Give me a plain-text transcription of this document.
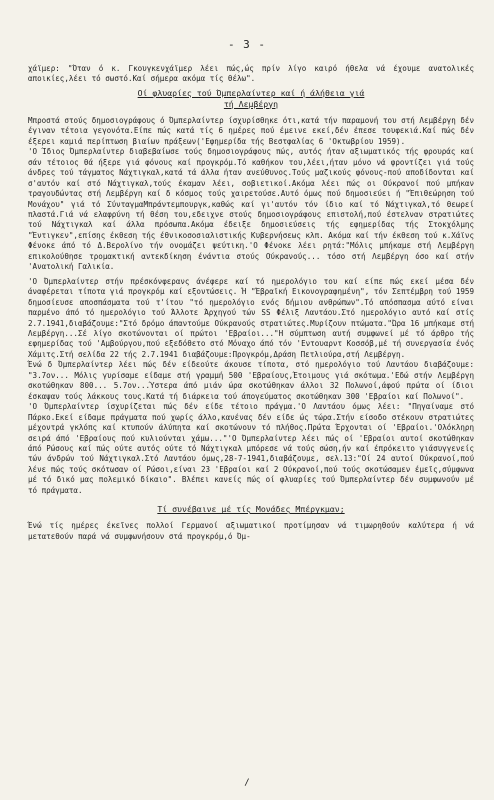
- 3 -

χάϊμερ: "Όταν ό κ. Γκουγκενχάϊμερ λέει πώς,ώς πρίν λίγο καιρό ήθελα νά έχουμε ανατολικές αποικίες,λέει τό σωστό.Καί σήμερα ακόμα τίς θέλω".

Οί φλυαρίες τού Όμπερλαίντερ καί ή άλήθεια γιά
τή Λεμβέργη

Μπροστά στούς δημοσιογράφους ό Όμπερλαίντερ ίσχυρίσθηκε ότι,κατά τήν παραμονή του στή Λεμβέργη δέν έγιναν τέτοια γεγονότα.Είπε πώς κατά τίς 6 ημέρες πού έμεινε εκεί,δέν έπεσε τουφεκιά.Καί πώς δέν έξερει καμιά περίπτωση βιαίων πράξεων('Εφημερίδα τής Βεστφαλίας 6 'Οκτωβρίου 1959).

'Ο Ίδιος Όμπερλαίντερ διαβεβαίωσε τούς δημοσιογράφους πώς, αυτός ήταν αξιωματικός τής φρουράς καί σάν τέτοιος θά ήξερε γιά φόνους καί προγκρόμ.Τό καθήκον του,λέει,ήταν μόνο νά φροντίζει γιά τούς άνδρες τού τάγματος Νάχτιγκαλ,κατά τά άλλα ήταν ανεύθυνος.Τούς μαζικούς φόνους-πού αποδίδονται καί σ'αυτόν καί στό Νάχτιγκαλ,τούς έκαμαν λέει, σοβιετικοί.Ακόμα λέει πώς οι Ούκρανοί πού μπήκαν τραγουδώντας στή Λεμβέργη καί δ κόσμος τούς χαιρετούσε.Αυτό όμως πού δημοσιεύει ή "Έπιθεώρηση τού Μονάχου" γιά τό ΣύνταγμαΜπράντεμπουργκ,καθώς καί γι'αυτόν τόν ίδιο καί τό Νάχτιγκαλ,τό θεωρεί πλαστά.Γιά νά ελαφρύνη τή θέση του,εδειχνε στούς δημοσιογράφους επιστολή,πού έστελναν στρατιώτες τού Νάχτιγκαλ καί άλλα πρόσωπα.Ακόμα έδειξε δημοσιεύσεις τής εφημερίδας τής Στοκχόλμης "Έντιγκεν",επίσης έκθεση τής έθνικοσοσιαλιστικής Κυβερνήσεως κλπ. Ακόμα καί τήν έκθεση τού κ.Χάϊνς Φένοκε άπό τό Δ.Βερολίνο τήν ονομάζει ψεύτικη.'Ο Φένοκε λέει ρητά:"Μόλις μπήκαμε στή Λεμβέργη επικολούθησε τρομακτική αντεκδίκηση ένάντια στούς Ούκρανούς... τόσο στή Λεμβέργη όσο καί στήν 'Ανατολική Γαλικία.

'Ο Όμπερλαίντερ στήν πρέσκόνφερανς άνέφερε καί τό ημερολόγιο του καί είπε πώς εκεί μέσα δέν άναφέρεται τίποτα γιά προγκρόμ καί εξοντώσεις. Ή "Έβραϊκή Εικονογραφημένη", τόν Σεπτέμβρη τού 1959 δημοσίευσε αποσπάσματα τού τ'ίτου "τό ημερολόγιο ενός δήμιου ανθρώπων".Τό απόσπασμα αύτό είναι παρμένο άπό τό ημερολόγιο τού Άλλοτε Άρχηγού τών SS Φέλιξ Λαντάου.Στό ημερολόγιο αυτό καί στίς 2.7.1941,διαβάζουμε:"Στό δρόμο άπαντούμε Ούκρανούς στρατιώτες.Μυρίζουν πτώματα."Ώρα 16 μπήκαμε στή Λεμβέργη...Σέ λίγο σκοτώνονται οί πρώτοι 'Εβραίοι..."Η σύμπτωση αυτή συμφωνεί μέ τό άρθρο τής εφημερίδας τού 'Αμβούργου,πού εξεδόθετο στό Μόναχο άπό τόν 'Εντουαρντ Κοσσόβ,μέ τή συνεργασία ένός Χάμιτς.Στή σελίδα 22 τής 2.7.1941 διαβάζουμε:Προγκρόμ,Δράση Πετλιούρα,στή Λεμβέργη.

Ένώ δ Όμπερλαίντερ λέει πώς δέν είδεούτε άκουσε τίποτα, στό ημερολόγιο τού Λαντάου διαβάζουμε: "3.7ον... Μόλις γυρίσαμε είδαμε στή γραμμή 500 'Εβραίους,Έτοιμους γιά σκότωμα.'Εδώ στήν Λεμβέργη σκοτώθηκαν 800... 5.7ον...Ύστερα άπό μιάν ώρα σκοτώθηκαν άλλοι 32 Πολωνοί,άφού πρώτα οί ίδιοι έσκαψαν τούς λάκκους τους.Κατά τή διάρκεια τού άπογεύματος σκοτώθηκαν 300 'Εβραίοι καί Πολωνοί".

'Ο Όμπερλαίντερ ίσχυρίζεται πώς δέν είδε τέτοιο πράγμα.'Ο Λαντάου όμως λέει: "Πηγαίναμε στό Πάρκο.Εκεί είδαμε πράγματα πού χωρίς άλλο,κανένας δέν είδε ώς τώρα.Στήν είσοδο στέκουν στρατιώτες μέχοντρά γκλόπς καί κτυπούν άλύπητα καί σκοτώνουν τό πλήθος.Πρώτα Έρχονται οί 'Εβραίοι.'Ολόκληρη σειρά άπό 'Εβραίους πού κυλιούνται χάμω..."'Ο Όμπερλαίντερ λέει πώς οί 'Εβραίοι αυτοί σκοτώθηκαν άπό Ρώσους καί πώς ούτε αυτός ούτε τό Νάχτιγκαλ μπόρεσε νά τούς σώση,ήν καί έπρόκειτο γιάσυγγενείς τών άνδρών τού Νάχτιγκαλ.Στό Λαντάου όμως,28-7-1941,διαβάζουμε, σελ.13:"Οί 24 αυτοί Ούκρανοί,πού λένε πώς τούς σκότωσαν οί Ρώσοι,είναι 23 'Εβραίοι καί 2 Ούκρανοί,πού τούς σκοτώσαμεν έμεῖς,σύμφωνα μέ τό δικό μας πολεμικό δίκαιο". Βλέπει κανείς πώς οί φλυαρίες τού Όμπερλαίντερ δέν συμφωνούν μέ τό πράγματα.

Τί συνέβαινε μέ τίς Μονάδες Μπέργκμαν;

Ένώ τίς ημέρες έκεῖνες πολλοί Γερμανοί αξιωματικοί προτίμησαν νά τιμωρηθούν καλύτερα ή νά μετατεθούν παρά νά συμφωνήσουν στά προγκρόμ,ό Όμ-

/
